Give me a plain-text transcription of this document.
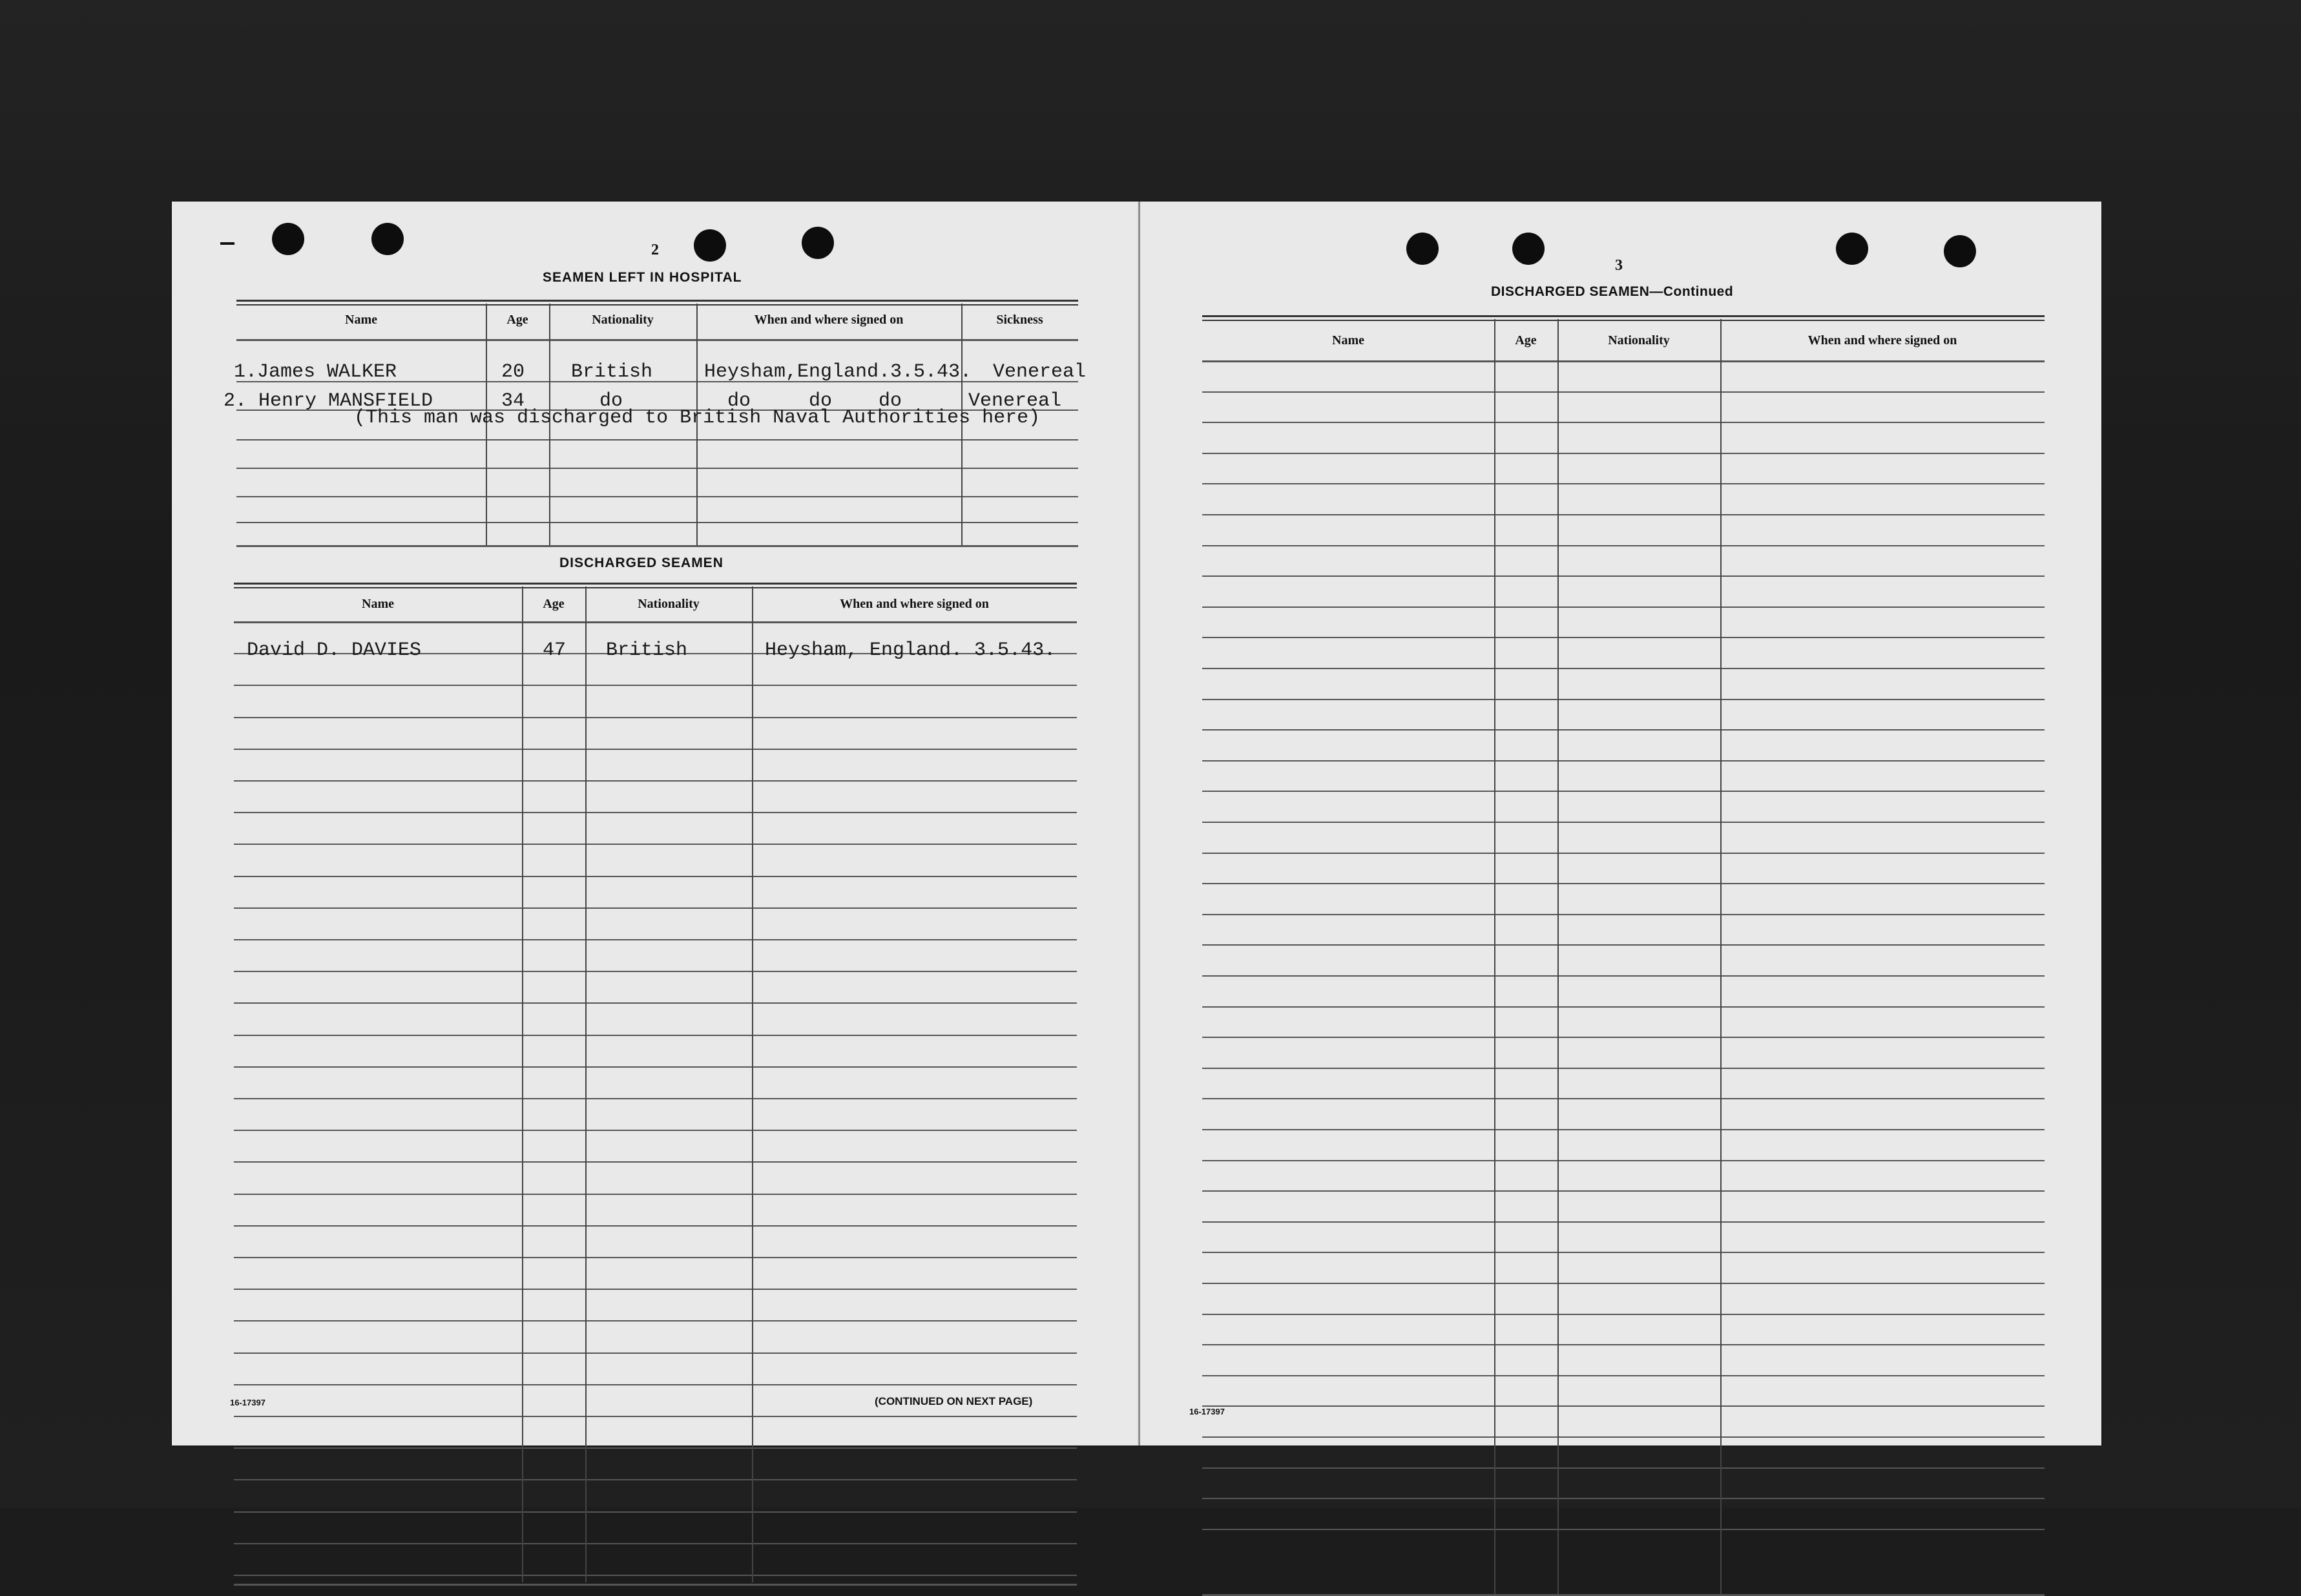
2
SEAMEN LEFT IN HOSPITAL
Name	Age	Nationality	When and where signed on	Sickness
1.James WALKER	20 British	Heysham,England.3.5.43. Venereal
2. Henry MANSFIELD	34	do	do     do    do	Venereal
(This man was discharged to British Naval Authorities here)
DISCHARGED SEAMEN
Name	Age	Nationality	When and where signed on
David D. DAVIES	47 British	Heysham, England. 3.5.43.
16-17397	(CONTINUED ON NEXT PAGE)
3
DISCHARGED SEAMEN—Continued
Name	Age	Nationality	When and where signed on
16-17397
